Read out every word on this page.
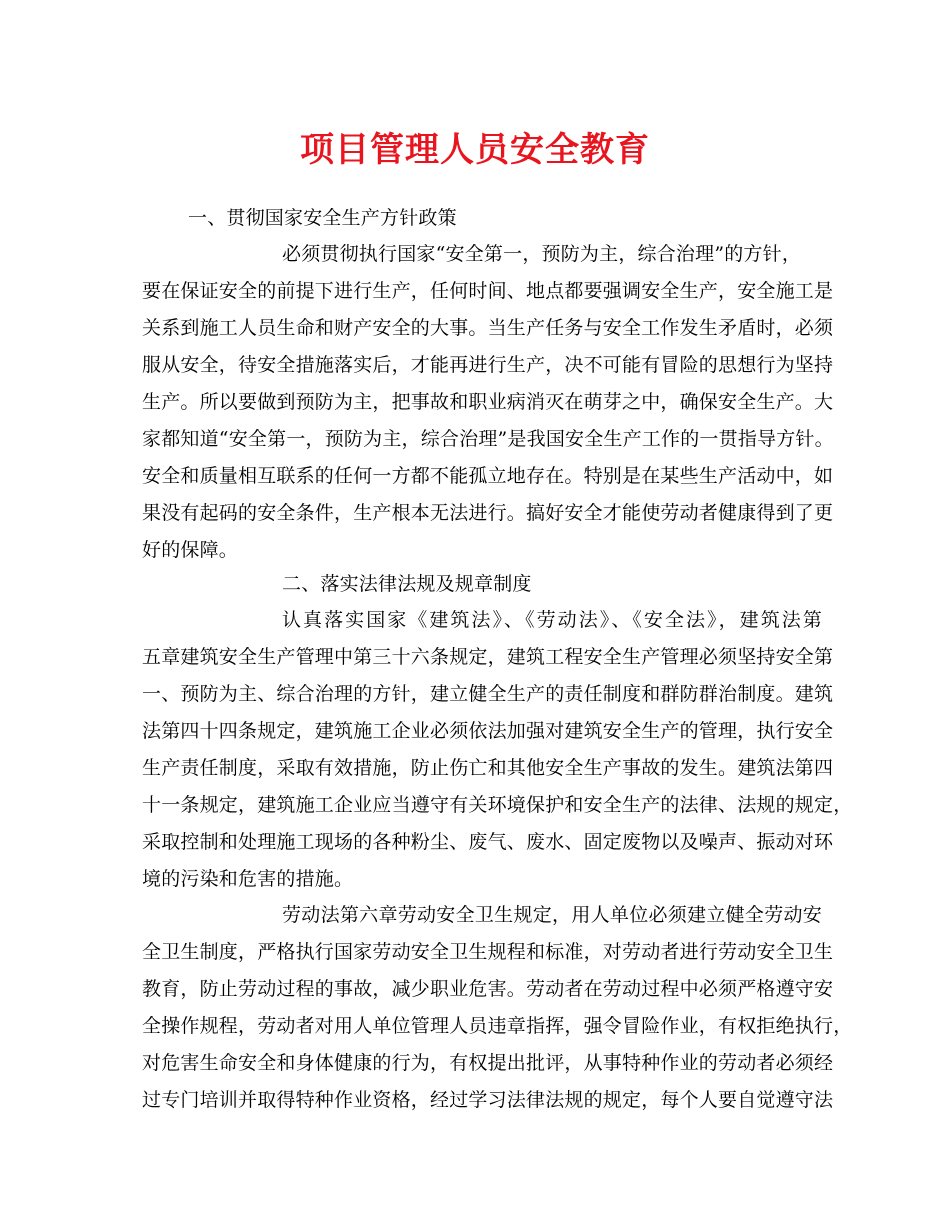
项目管理人员安全教育
一、贯彻国家安全生产方针政策
必须贯彻执行国家“安全第一，预防为主，综合治理”的方针，
要在保证安全的前提下进行生产，任何时间、地点都要强调安全生产，安全施工是
关系到施工人员生命和财产安全的大事。当生产任务与安全工作发生矛盾时，必须
服从安全，待安全措施落实后，才能再进行生产，决不可能有冒险的思想行为坚持
生产。所以要做到预防为主，把事故和职业病消灭在萌芽之中，确保安全生产。大
家都知道“安全第一，预防为主，综合治理”是我国安全生产工作的一贯指导方针。
安全和质量相互联系的任何一方都不能孤立地存在。特别是在某些生产活动中，如
果没有起码的安全条件，生产根本无法进行。搞好安全才能使劳动者健康得到了更
好的保障。
二、落实法律法规及规章制度
认真落实国家《建筑法》、《劳动法》、《安全法》，建筑法第
五章建筑安全生产管理中第三十六条规定，建筑工程安全生产管理必须坚持安全第
一、预防为主、综合治理的方针，建立健全生产的责任制度和群防群治制度。建筑
法第四十四条规定，建筑施工企业必须依法加强对建筑安全生产的管理，执行安全
生产责任制度，采取有效措施，防止伤亡和其他安全生产事故的发生。建筑法第四
十一条规定，建筑施工企业应当遵守有关环境保护和安全生产的法律、法规的规定，
采取控制和处理施工现场的各种粉尘、废气、废水、固定废物以及噪声、振动对环
境的污染和危害的措施。
劳动法第六章劳动安全卫生规定，用人单位必须建立健全劳动安
全卫生制度，严格执行国家劳动安全卫生规程和标准，对劳动者进行劳动安全卫生
教育，防止劳动过程的事故，减少职业危害。劳动者在劳动过程中必须严格遵守安
全操作规程，劳动者对用人单位管理人员违章指挥，强令冒险作业，有权拒绝执行，
对危害生命安全和身体健康的行为，有权提出批评，从事特种作业的劳动者必须经
过专门培训并取得特种作业资格，经过学习法律法规的规定，每个人要自觉遵守法
